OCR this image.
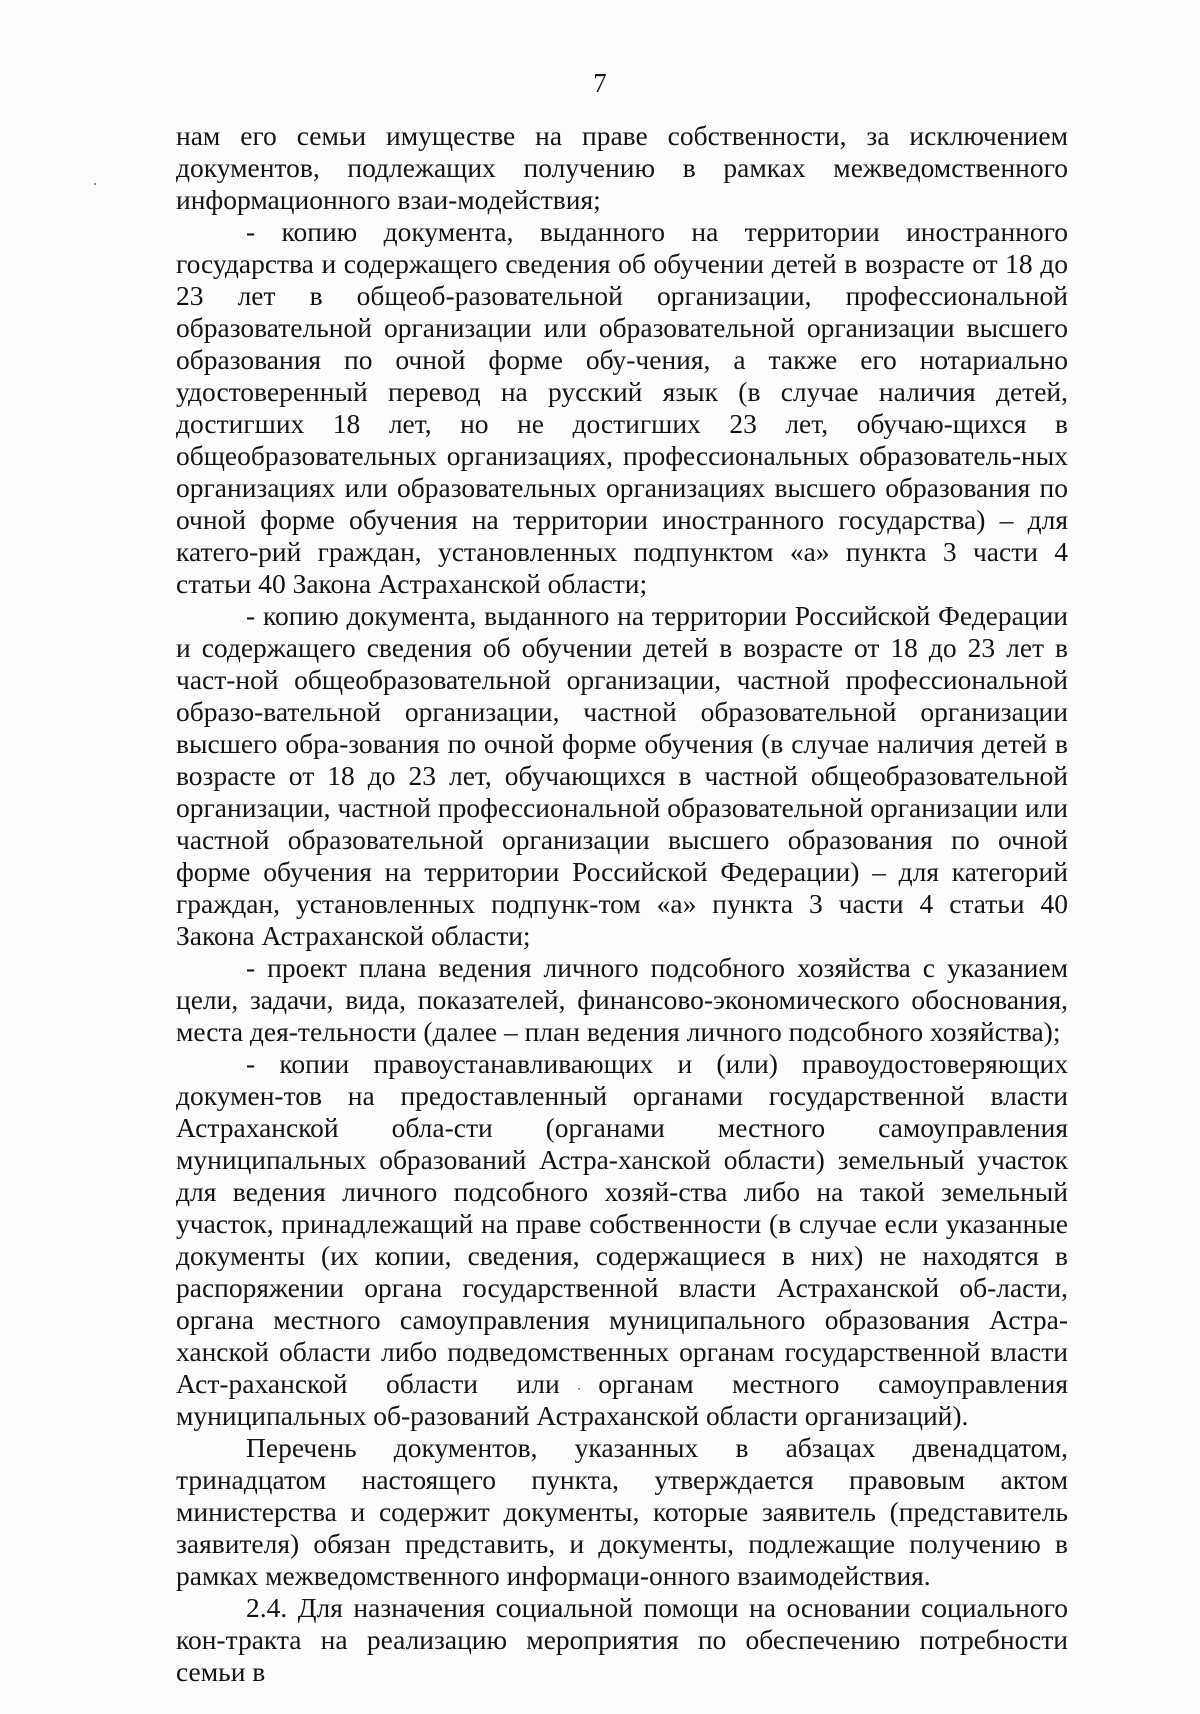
7

нам его семьи имуществе на праве собственности, за исключением документов, подлежащих получению в рамках межведомственного информационного взаи-модействия;

- копию документа, выданного на территории иностранного государства и содержащего сведения об обучении детей в возрасте от 18 до 23 лет в общеоб-разовательной организации, профессиональной образовательной организации или образовательной организации высшего образования по очной форме обу-чения, а также его нотариально удостоверенный перевод на русский язык (в случае наличия детей, достигших 18 лет, но не достигших 23 лет, обучаю-щихся в общеобразовательных организациях, профессиональных образователь-ных организациях или образовательных организациях высшего образования по очной форме обучения на территории иностранного государства) – для катего-рий граждан, установленных подпунктом «а» пункта 3 части 4 статьи 40 Закона Астраханской области;

- копию документа, выданного на территории Российской Федерации и содержащего сведения об обучении детей в возрасте от 18 до 23 лет в част-ной общеобразовательной организации, частной профессиональной образо-вательной организации, частной образовательной организации высшего обра-зования по очной форме обучения (в случае наличия детей в возрасте от 18 до 23 лет, обучающихся в частной общеобразовательной организации, частной профессиональной образовательной организации или частной образовательной организации высшего образования по очной форме обучения на территории Российской Федерации) – для категорий граждан, установленных подпунк-том «а» пункта 3 части 4 статьи 40 Закона Астраханской области;

- проект плана ведения личного подсобного хозяйства с указанием цели, задачи, вида, показателей, финансово-экономического обоснования, места дея-тельности (далее – план ведения личного подсобного хозяйства);

- копии правоустанавливающих и (или) правоудостоверяющих докумен-тов на предоставленный органами государственной власти Астраханской обла-сти (органами местного самоуправления муниципальных образований Астра-ханской области) земельный участок для ведения личного подсобного хозяй-ства либо на такой земельный участок, принадлежащий на праве собственности (в случае если указанные документы (их копии, сведения, содержащиеся в них) не находятся в распоряжении органа государственной власти Астраханской об-ласти, органа местного самоуправления муниципального образования Астра-ханской области либо подведомственных органам государственной власти Аст-раханской области или органам местного самоуправления муниципальных об-разований Астраханской области организаций).

Перечень документов, указанных в абзацах двенадцатом, тринадцатом настоящего пункта, утверждается правовым актом министерства и содержит документы, которые заявитель (представитель заявителя) обязан представить, и документы, подлежащие получению в рамках межведомственного информаци-онного взаимодействия.

2.4. Для назначения социальной помощи на основании социального кон-тракта на реализацию мероприятия по обеспечению потребности семьи в
